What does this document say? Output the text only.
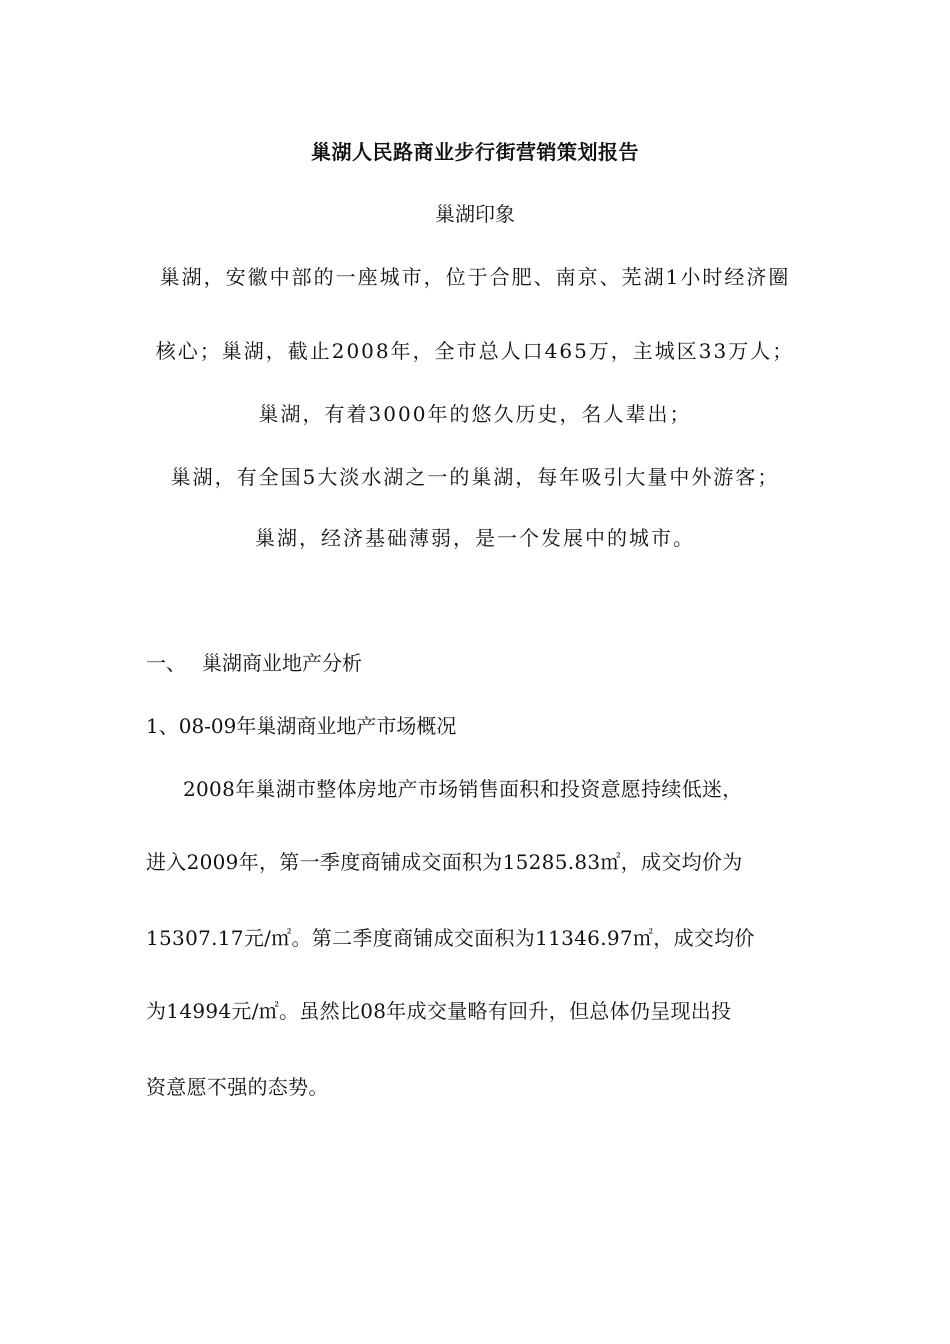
巢湖人民路商业步行街营销策划报告
巢湖印象
巢湖，安徽中部的一座城市，位于合肥、南京、芜湖1小时经济圈
核心；巢湖，截止2008年，全市总人口465万，主城区33万人；
巢湖，有着3000年的悠久历史，名人辈出；
巢湖，有全国5大淡水湖之一的巢湖，每年吸引大量中外游客；
巢湖，经济基础薄弱，是一个发展中的城市。
一、 巢湖商业地产分析
1、08-09年巢湖商业地产市场概况
2008年巢湖市整体房地产市场销售面积和投资意愿持续低迷，
进入2009年，第一季度商铺成交面积为15285.83㎡，成交均价为
15307.17元/㎡。第二季度商铺成交面积为11346.97㎡，成交均价
为14994元/㎡。虽然比08年成交量略有回升，但总体仍呈现出投
资意愿不强的态势。
